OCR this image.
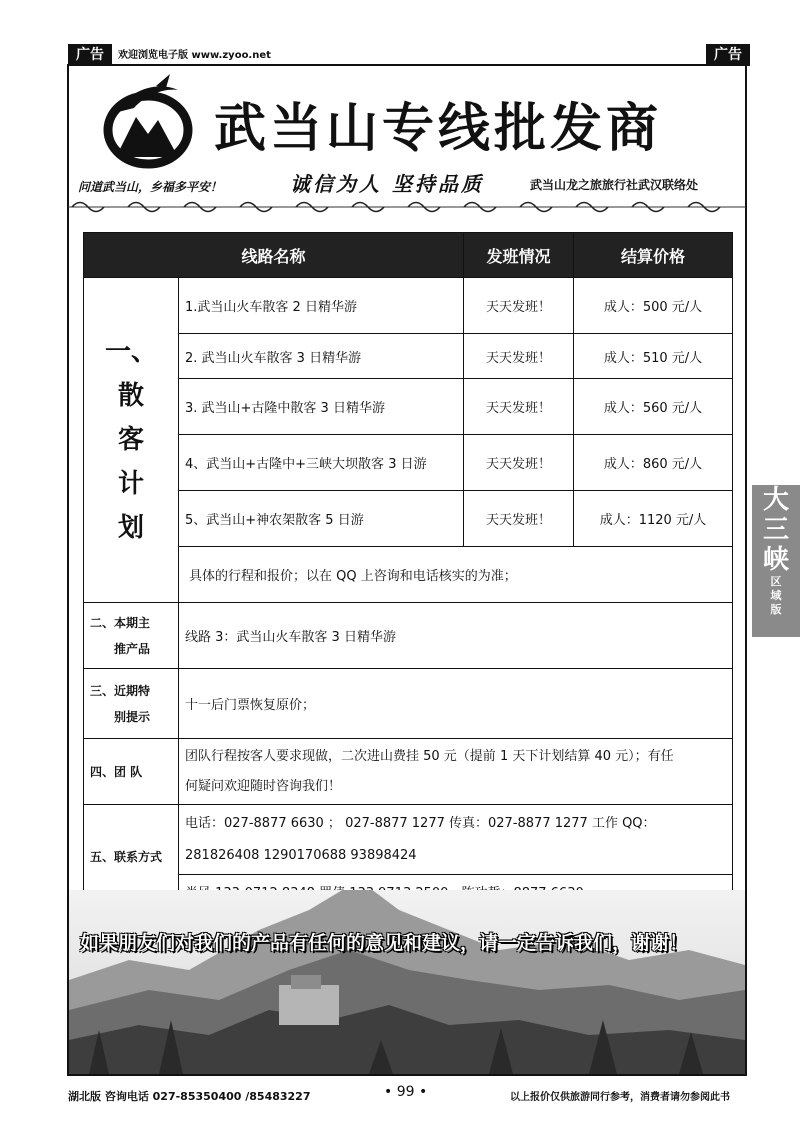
广告	欢迎浏览电子版 www.zyoo.net	广告
武当山专线批发商
问道武当山，乡福多平安！	诚信为人 坚持品质	武当山龙之旅旅行社武汉联络处
线路名称		发班情况	结算价格

一、
散
客
计
划	1.武当山火车散客 2 日精华游	天天发班！	成人：500 元/人
	2. 武当山火车散客 3 日精华游	天天发班！	成人：510 元/人
	3. 武当山+古隆中散客 3 日精华游	天天发班！	成人：560 元/人
	4、武当山+古隆中+三峡大坝散客 3 日游	天天发班！	成人：860 元/人
	5、武当山+神农架散客 5 日游	天天发班！	成人：1120 元/人
	具体的行程和报价；以在 QQ 上咨询和电话核实的为准；		

二、本期主
推产品	线路 3：武当山火车散客 3 日精华游		

三、近期特
别提示	十一后门票恢复原价；		
四、团 队	团队行程按客人要求现做，二次进山费挂 50 元（提前 1 天下计划结算 40 元）；有任
何疑问欢迎随时咨询我们！		

五、联系方式	电话：027-8877 6630 ； 027-8877 1277 传真：027-8877 1277 工作 QQ：
281826408 1290170688 93898424		

大
三
峡
区
域
版
如果朋友们对我们的产品有任何的意见和建议，请一定告诉我们，谢谢！
湖北版 咨询电话 027-85350400 /85483227	• 99 •	以上报价仅供旅游同行参考，消费者请勿参阅此书
